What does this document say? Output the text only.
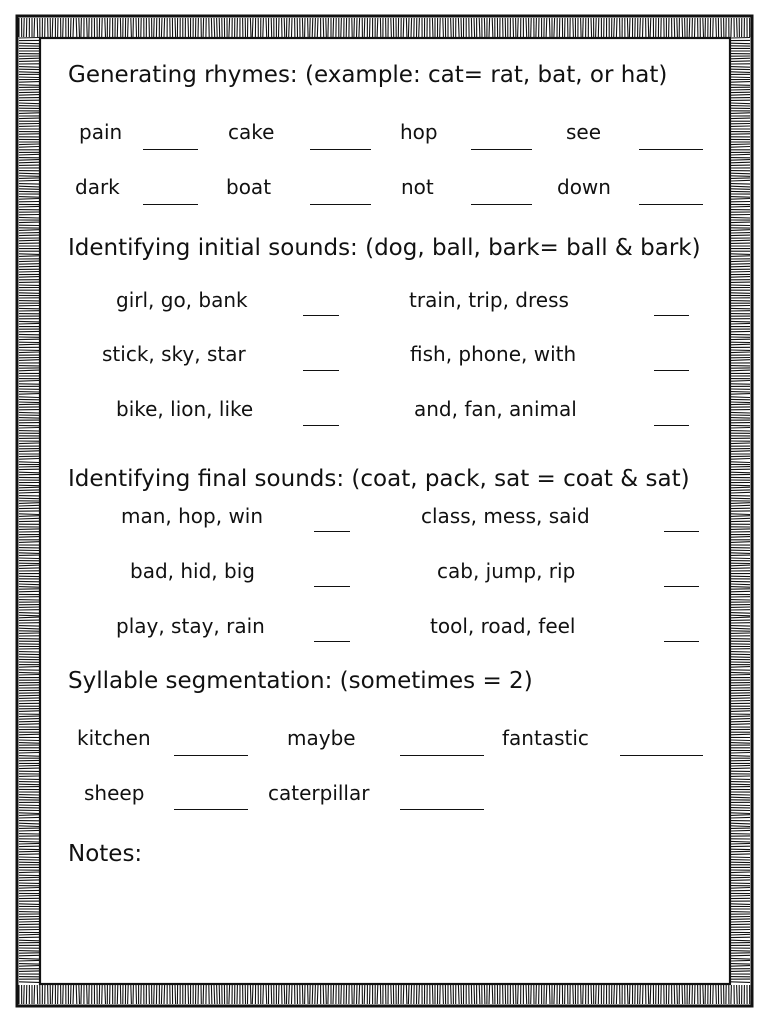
Generating rhymes: (example: cat= rat, bat, or hat)
pain	cake	hop	see
dark	boat	not	down
Identifying initial sounds: (dog, ball, bark= ball & bark)
girl, go, bank	train, trip, dress
stick, sky, star	fish, phone, with
bike, lion, like	and, fan, animal
Identifying final sounds: (coat, pack, sat = coat & sat)
man, hop, win	class, mess, said
bad, hid, big	cab, jump, rip
play, stay, rain	tool, road, feel
Syllable segmentation: (sometimes = 2)
kitchen	maybe	fantastic
sheep	caterpillar
Notes:
